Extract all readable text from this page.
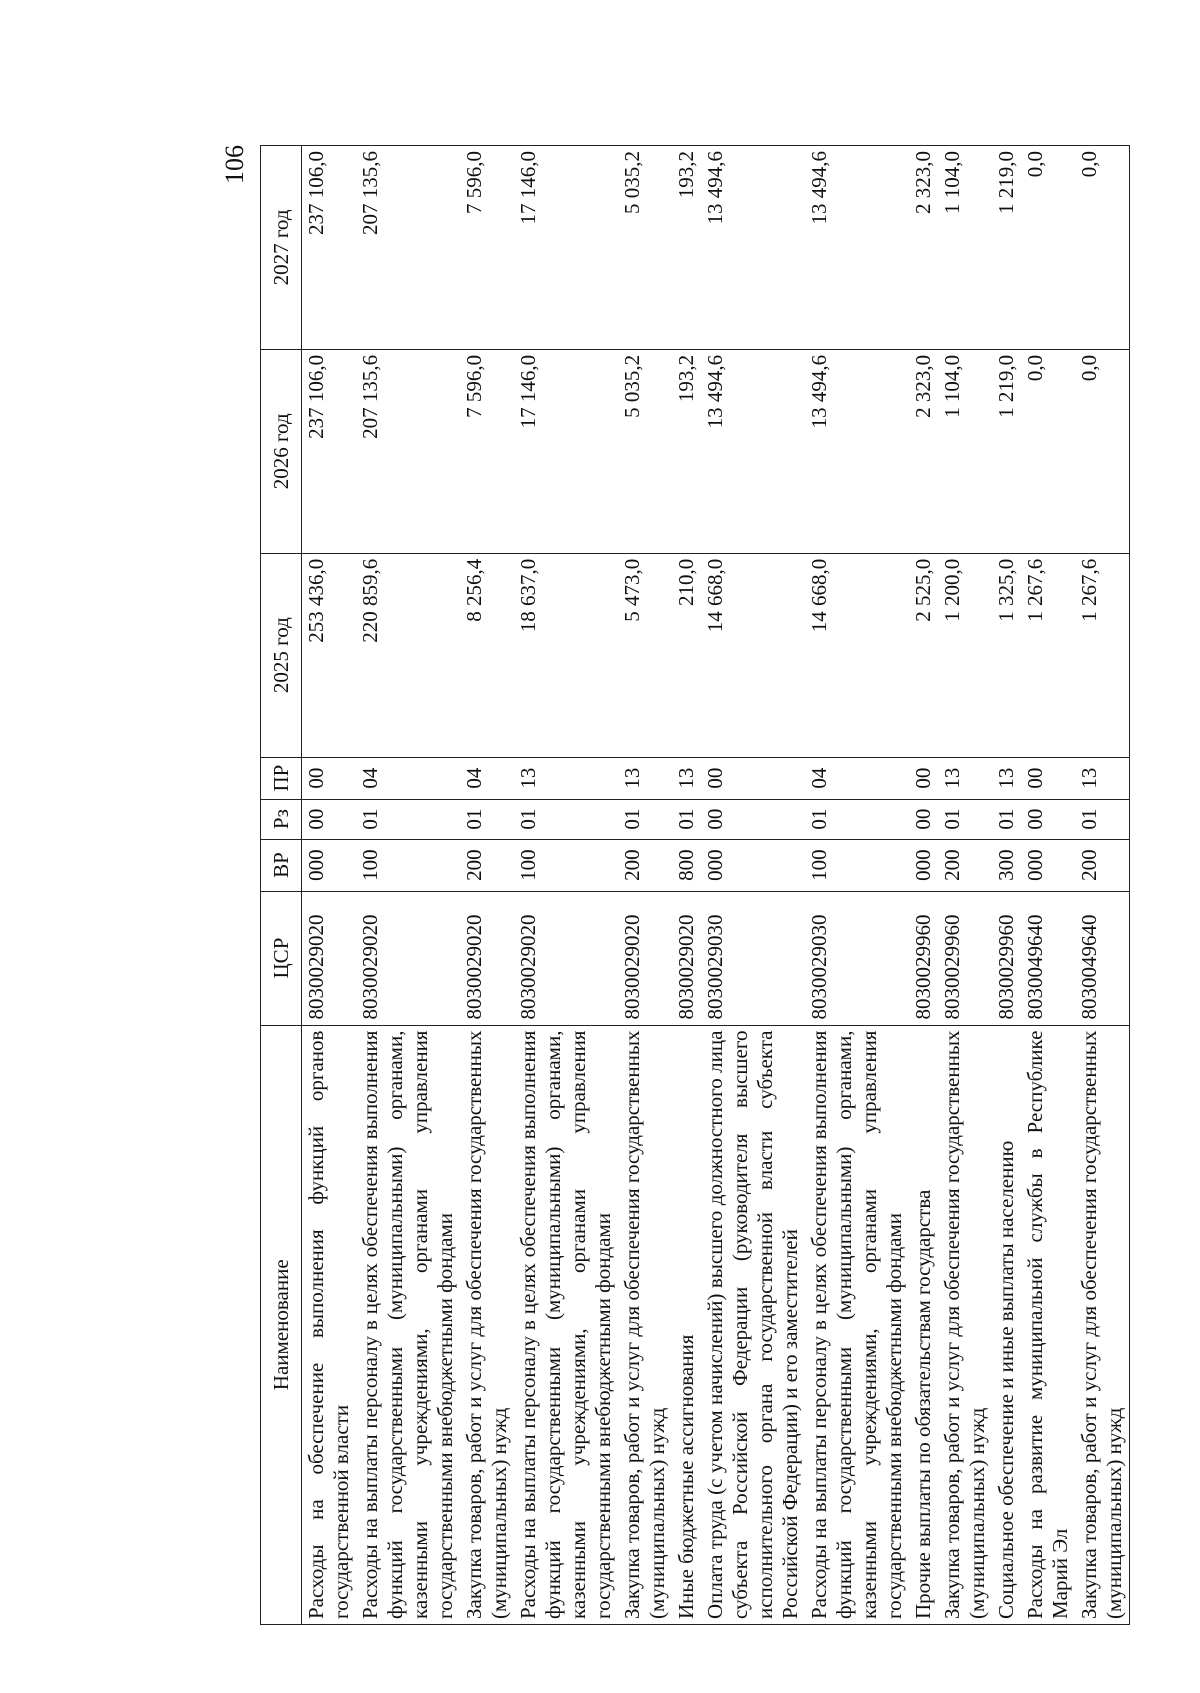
106
Наименование	ЦСР	ВР	Рз	ПР	2025 год	2026 год	2027 год
Расходы на обеспечение выполнения функций органов государственной власти	8030029020	000	00	00	253 436,0	237 106,0	237 106,0
Расходы на выплаты персоналу в целях обеспечения выполнения функций государственными (муниципальными) органами, казенными учреждениями, органами управления государственными внебюджетными фондами	8030029020	100	01	04	220 859,6	207 135,6	207 135,6
Закупка товаров, работ и услуг для обеспечения государственных (муниципальных) нужд	8030029020	200	01	04	8 256,4	7 596,0	7 596,0
Расходы на выплаты персоналу в целях обеспечения выполнения функций государственными (муниципальными) органами, казенными учреждениями, органами управления государственными внебюджетными фондами	8030029020	100	01	13	18 637,0	17 146,0	17 146,0
Закупка товаров, работ и услуг для обеспечения государственных (муниципальных) нужд	8030029020	200	01	13	5 473,0	5 035,2	5 035,2
Иные бюджетные ассигнования	8030029020	800	01	13	210,0	193,2	193,2
Оплата труда (с учетом начислений) высшего должностного лица субъекта Российской Федерации (руководителя высшего исполнительного органа государственной власти субъекта Российской Федерации) и его заместителей	8030029030	000	00	00	14 668,0	13 494,6	13 494,6
Расходы на выплаты персоналу в целях обеспечения выполнения функций государственными (муниципальными) органами, казенными учреждениями, органами управления государственными внебюджетными фондами	8030029030	100	01	04	14 668,0	13 494,6	13 494,6
Прочие выплаты по обязательствам государства	8030029960	000	00	00	2 525,0	2 323,0	2 323,0
Закупка товаров, работ и услуг для обеспечения государственных (муниципальных) нужд	8030029960	200	01	13	1 200,0	1 104,0	1 104,0
Социальное обеспечение и иные выплаты населению	8030029960	300	01	13	1 325,0	1 219,0	1 219,0
Расходы на развитие муниципальной службы в Республике Марий Эл	8030049640	000	00	00	1 267,6	0,0	0,0
Закупка товаров, работ и услуг для обеспечения государственных (муниципальных) нужд	8030049640	200	01	13	1 267,6	0,0	0,0
